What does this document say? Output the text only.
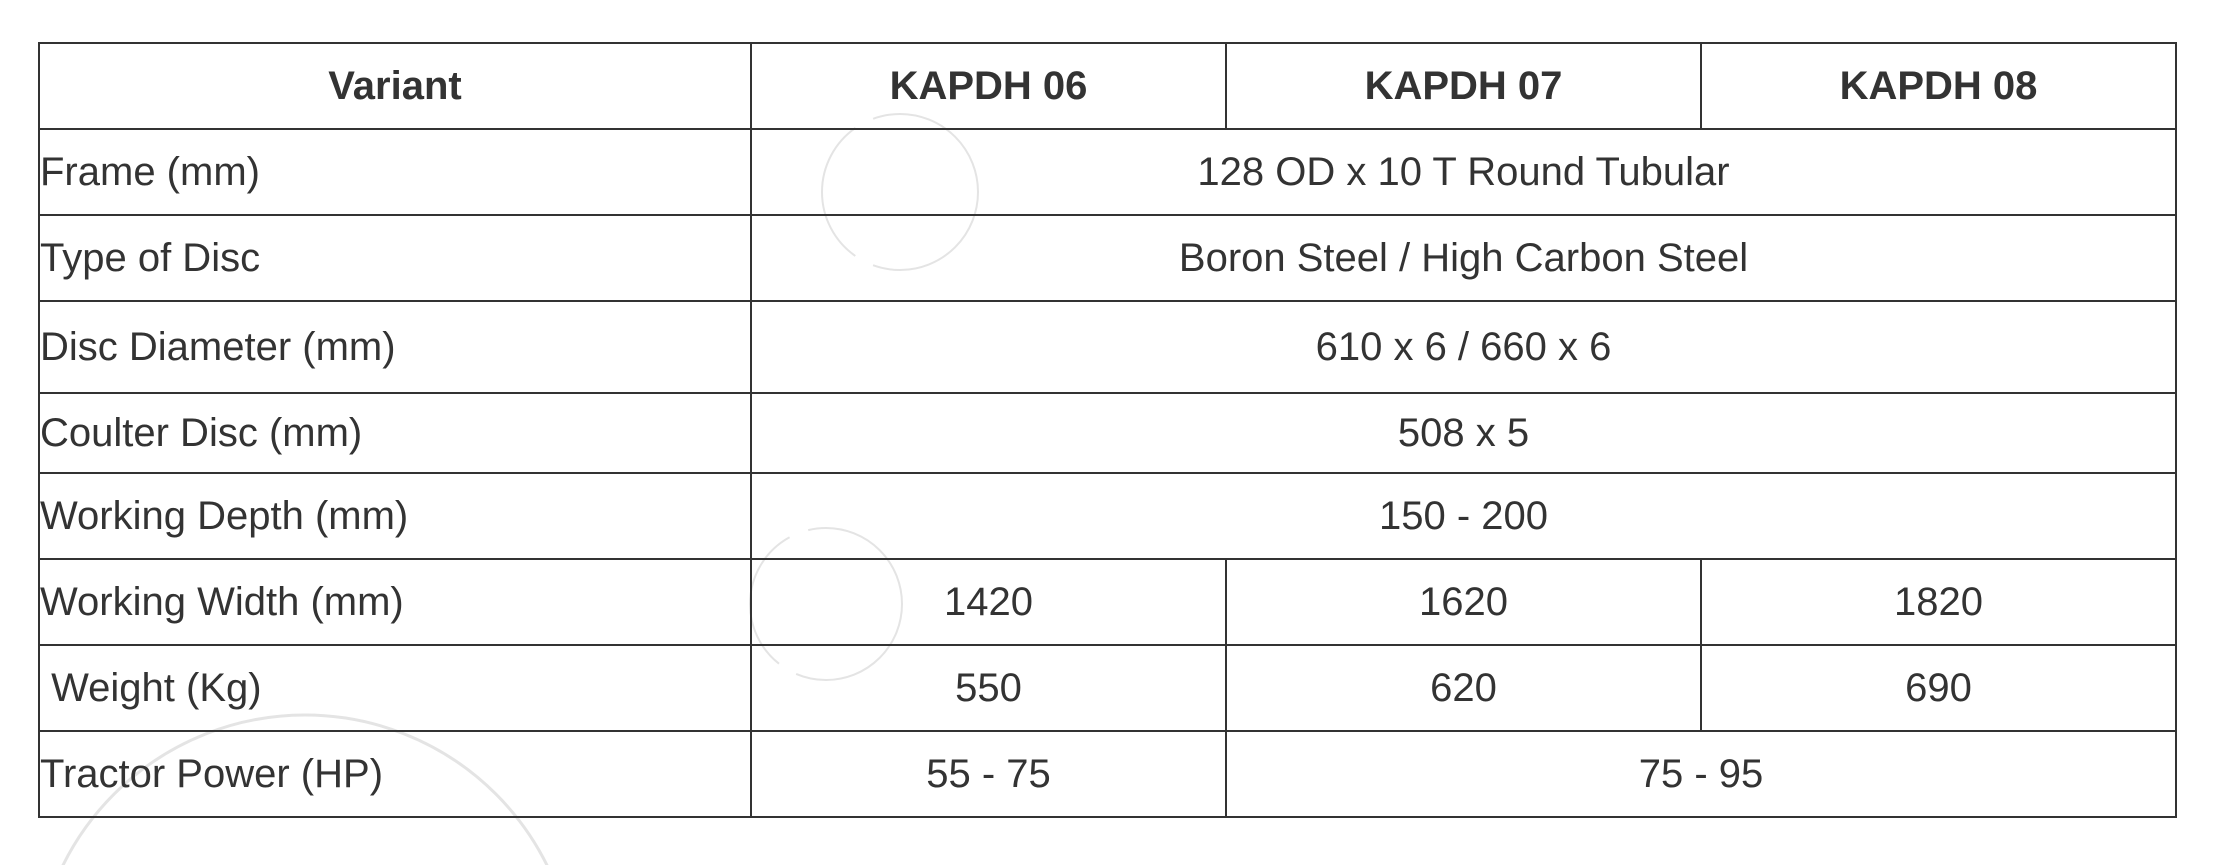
Variant	KAPDH 06	KAPDH 07	KAPDH 08
Frame (mm)	128 OD x 10 T Round Tubular		
Type of Disc	Boron Steel / High Carbon Steel		
Disc Diameter (mm)	610 x 6 / 660 x 6		
Coulter Disc (mm)	508 x 5		
Working Depth (mm)	150 - 200		
Working Width (mm)	1420	1620	1820
Weight (Kg)	550	620	690
Tractor Power (HP)	55 - 75	75 - 95	
